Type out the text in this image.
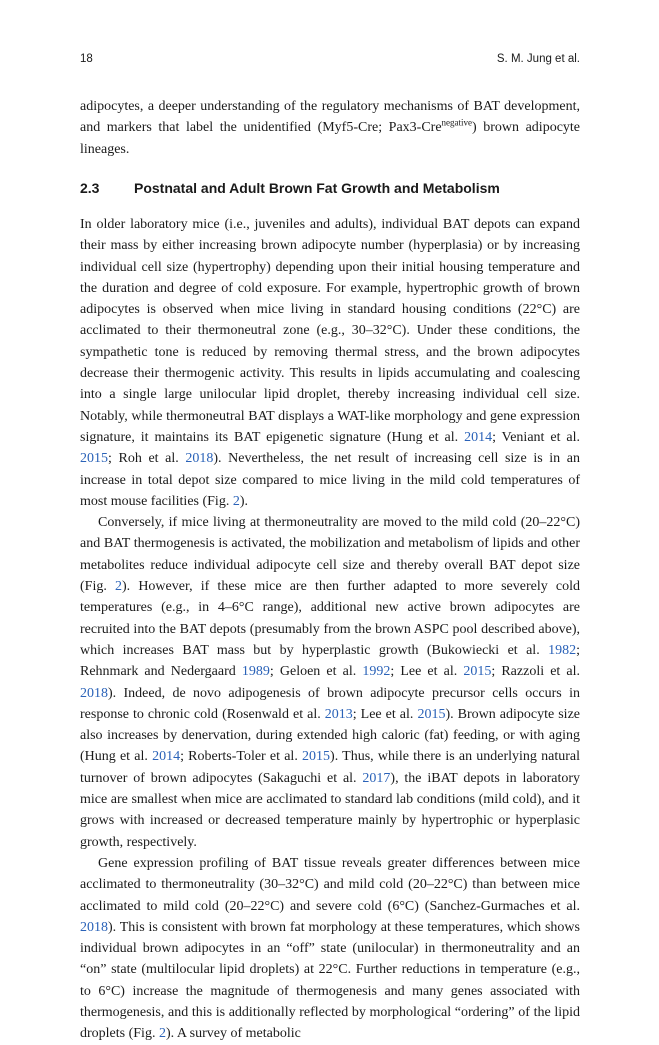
18	S. M. Jung et al.

adipocytes, a deeper understanding of the regulatory mechanisms of BAT development, and markers that label the unidentified (Myf5-Cre; Pax3-Cre$^{negative}$) brown adipocyte lineages.

2.3 Postnatal and Adult Brown Fat Growth and Metabolism

In older laboratory mice (i.e., juveniles and adults), individual BAT depots can expand their mass by either increasing brown adipocyte number (hyperplasia) or by increasing individual cell size (hypertrophy) depending upon their initial housing temperature and the duration and degree of cold exposure. For example, hypertrophic growth of brown adipocytes is observed when mice living in standard housing conditions (22°C) are acclimated to their thermoneutral zone (e.g., 30–32°C). Under these conditions, the sympathetic tone is reduced by removing thermal stress, and the brown adipocytes decrease their thermogenic activity. This results in lipids accumulating and coalescing into a single large unilocular lipid droplet, thereby increasing individual cell size. Notably, while thermoneutral BAT displays a WAT-like morphology and gene expression signature, it maintains its BAT epigenetic signature (Hung et al. 2014; Veniant et al. 2015; Roh et al. 2018). Nevertheless, the net result of increasing cell size is in an increase in total depot size compared to mice living in the mild cold temperatures of most mouse facilities (Fig. 2).

Conversely, if mice living at thermoneutrality are moved to the mild cold (20–22°C) and BAT thermogenesis is activated, the mobilization and metabolism of lipids and other metabolites reduce individual adipocyte cell size and thereby overall BAT depot size (Fig. 2). However, if these mice are then further adapted to more severely cold temperatures (e.g., in 4–6°C range), additional new active brown adipocytes are recruited into the BAT depots (presumably from the brown ASPC pool described above), which increases BAT mass but by hyperplastic growth (Bukowiecki et al. 1982; Rehnmark and Nedergaard 1989; Geloen et al. 1992; Lee et al. 2015; Razzoli et al. 2018). Indeed, de novo adipogenesis of brown adipocyte precursor cells occurs in response to chronic cold (Rosenwald et al. 2013; Lee et al. 2015). Brown adipocyte size also increases by denervation, during extended high caloric (fat) feeding, or with aging (Hung et al. 2014; Roberts-Toler et al. 2015). Thus, while there is an underlying natural turnover of brown adipocytes (Sakaguchi et al. 2017), the iBAT depots in laboratory mice are smallest when mice are acclimated to standard lab conditions (mild cold), and it grows with increased or decreased temperature mainly by hypertrophic or hyperplasic growth, respectively.

Gene expression profiling of BAT tissue reveals greater differences between mice acclimated to thermoneutrality (30–32°C) and mild cold (20–22°C) than between mice acclimated to mild cold (20–22°C) and severe cold (6°C) (Sanchez-Gurmaches et al. 2018). This is consistent with brown fat morphology at these temperatures, which shows individual brown adipocytes in an “off” state (unilocular) in thermoneutrality and an “on” state (multilocular lipid droplets) at 22°C. Further reductions in temperature (e.g., to 6°C) increase the magnitude of thermogenesis and many genes associated with thermogenesis, and this is additionally reflected by morphological “ordering” of the lipid droplets (Fig. 2). A survey of metabolic
